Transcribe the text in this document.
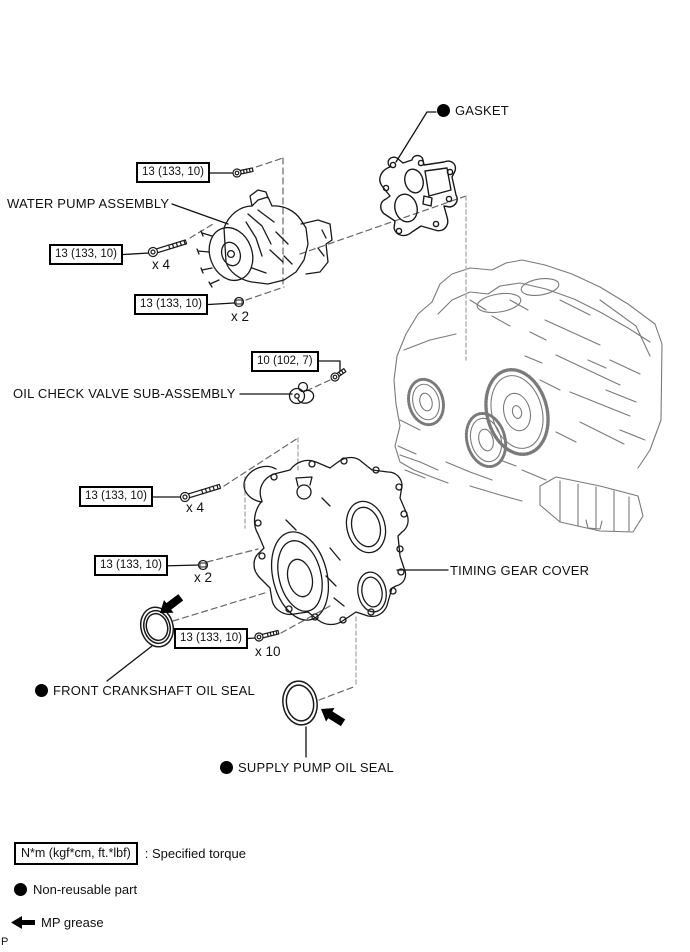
13 (133, 10)
13 (133, 10)
x 4
13 (133, 10)
x 2
10 (102, 7)
13 (133, 10)
x 4
13 (133, 10)
x 2
13 (133, 10)
x 10
GASKET
WATER PUMP ASSEMBLY
OIL CHECK VALVE SUB-ASSEMBLY
TIMING GEAR COVER
FRONT CRANKSHAFT OIL SEAL
SUPPLY PUMP OIL SEAL
N*m (kgf*cm, ft.*lbf)	: Specified torque
Non-reusable part
MP grease
P
